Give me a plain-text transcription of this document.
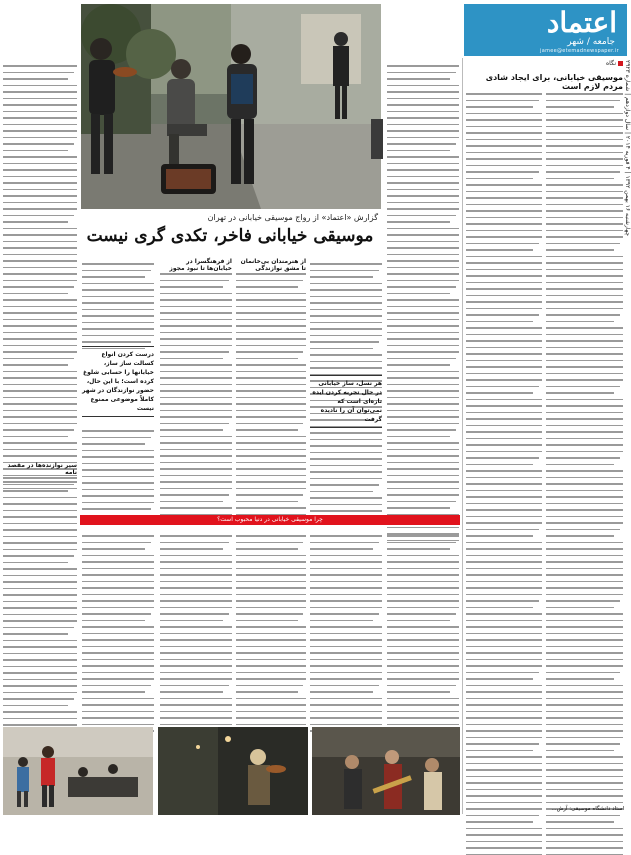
اعتماد
جامعه / شهر
jamee@etemadnewspaper.ir
چهارشنبه ۱۶ بهمن ۱۳۹۲ | ۴ فوریه ۲۰۱۴ | سال دوازدهم | شماره ۲۹۲۳
نگاه
موسیقی خیابانی، برای ایجاد شادی مردم لازم است
استاد دانشگاه موسیقی: آرش...
گزارش «اعتماد» از رواج موسیقی خیابانی در تهران
موسیقی خیابانی فاخر، تکدی گری نیست
از هنرمندان بی‌خانمان تا مشق نوازندگی
از فرهنگسرا در خیابان‌ها تا نبود مجوز
درست کردن انواع کسالت ساز ساز، خیابانها را حسابی شلوغ کرده است؛ با این حال، حضور نوازندگان در شهر کاملاً موضوعی ممنوع نیست
هر نسل، ساز خیابانی در حال تجربه کردن ایده تازه‌ای است که نمی‌توان آن را نادیده گرفت
سیر نوازنده‌ها در مقصد نامه
چرا موسیقی خیابانی در دنیا محبوب است؟
